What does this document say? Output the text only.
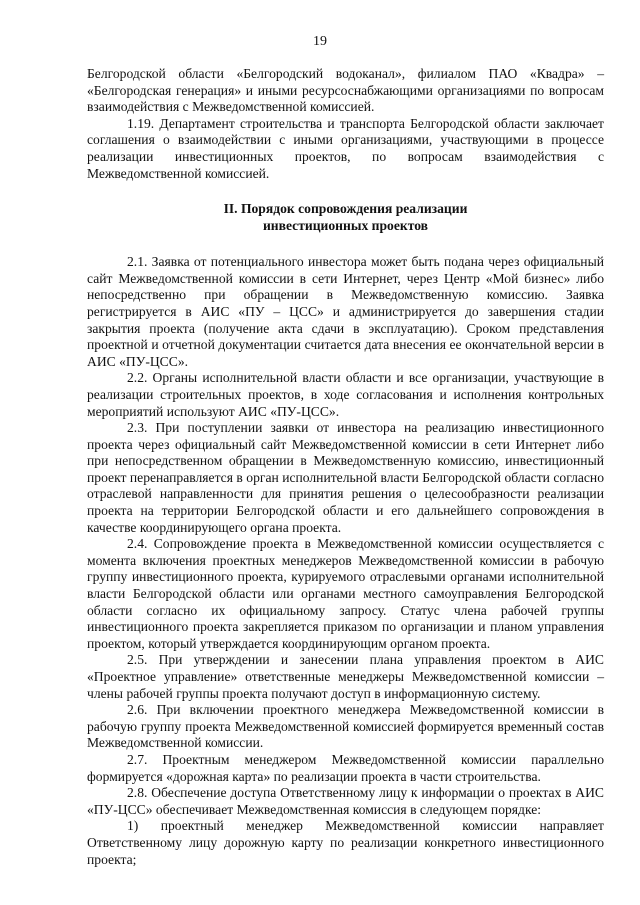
19

Белгородской области «Белгородский водоканал», филиалом ПАО «Квадра» – «Белгородская генерация» и иными ресурсоснабжающими организациями по вопросам взаимодействия с Межведомственной комиссией.

1.19. Департамент строительства и транспорта Белгородской области заключает соглашения о взаимодействии с иными организациями, участвующими в процессе реализации инвестиционных проектов, по вопросам взаимодействия с Межведомственной комиссией.

II. Порядок сопровождения реализации
инвестиционных проектов

2.1. Заявка от потенциального инвестора может быть подана через официальный сайт Межведомственной комиссии в сети Интернет, через Центр «Мой бизнес» либо непосредственно при обращении в Межведомственную комиссию. Заявка регистрируется в АИС «ПУ – ЦСС» и администрируется до завершения стадии закрытия проекта (получение акта сдачи в эксплуатацию). Сроком представления проектной и отчетной документации считается дата внесения ее окончательной версии в АИС «ПУ-ЦСС».

2.2. Органы исполнительной власти области и все организации, участвующие в реализации строительных проектов, в ходе согласования и исполнения контрольных мероприятий используют АИС «ПУ-ЦСС».

2.3. При поступлении заявки от инвестора на реализацию инвестиционного проекта через официальный сайт Межведомственной комиссии в сети Интернет либо при непосредственном обращении в Межведомственную комиссию, инвестиционный проект перенаправляется в орган исполнительной власти Белгородской области согласно отраслевой направленности для принятия решения о целесообразности реализации проекта на территории Белгородской области и его дальнейшего сопровождения в качестве координирующего органа проекта.

2.4. Сопровождение проекта в Межведомственной комиссии осуществляется с момента включения проектных менеджеров Межведомственной комиссии в рабочую группу инвестиционного проекта, курируемого отраслевыми органами исполнительной власти Белгородской области или органами местного самоуправления Белгородской области согласно их официальному запросу. Статус члена рабочей группы инвестиционного проекта закрепляется приказом по организации и планом управления проектом, который утверждается координирующим органом проекта.

2.5. При утверждении и занесении плана управления проектом в АИС «Проектное управление» ответственные менеджеры Межведомственной комиссии – члены рабочей группы проекта получают доступ в информационную систему.

2.6. При включении проектного менеджера Межведомственной комиссии в рабочую группу проекта Межведомственной комиссией формируется временный состав Межведомственной комиссии.

2.7. Проектным менеджером Межведомственной комиссии параллельно формируется «дорожная карта» по реализации проекта в части строительства.

2.8. Обеспечение доступа Ответственному лицу к информации о проектах в АИС «ПУ-ЦСС» обеспечивает Межведомственная комиссия в следующем порядке:

1) проектный менеджер Межведомственной комиссии направляет Ответственному лицу дорожную карту по реализации конкретного инвестиционного проекта;
